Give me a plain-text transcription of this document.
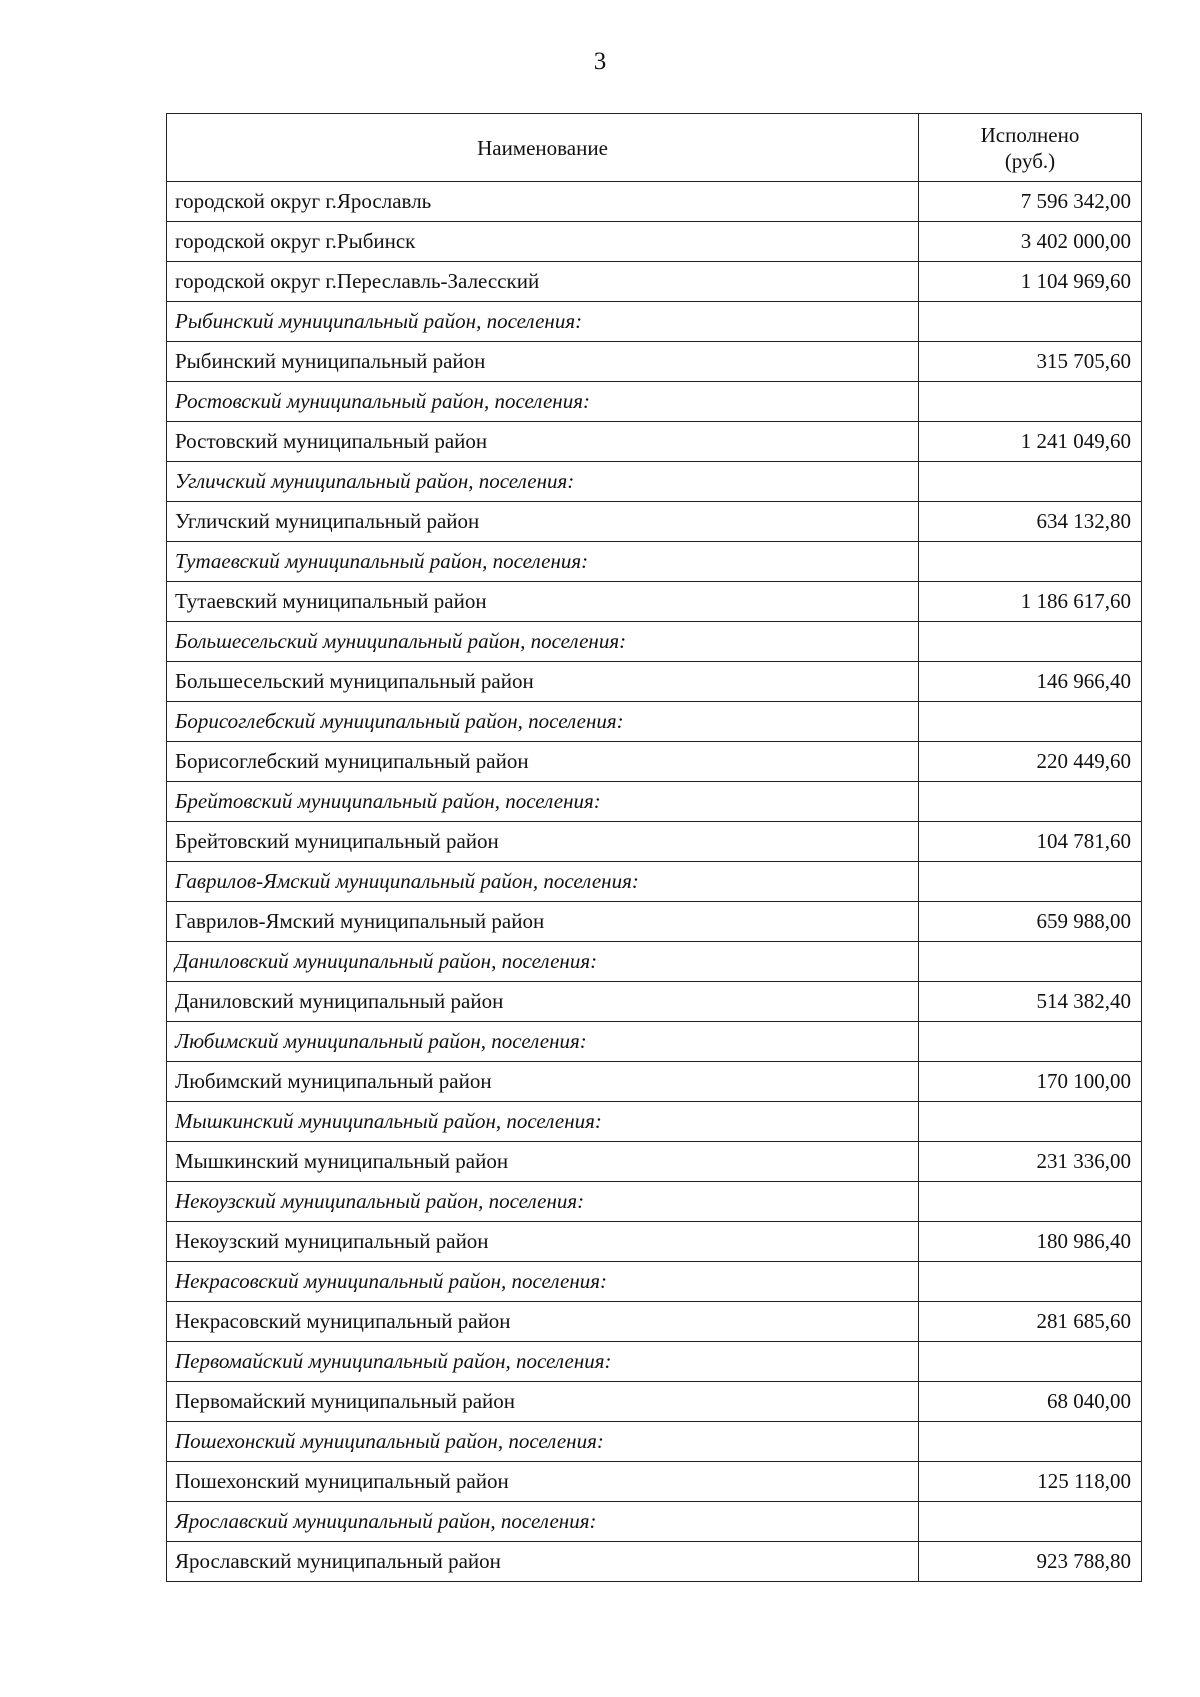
3
Наименование	Исполнено
(руб.)
городской округ г.Ярославль	7 596 342,00
городской округ г.Рыбинск	3 402 000,00
городской округ г.Переславль-Залесский	1 104 969,60
Рыбинский муниципальный район, поселения:	
Рыбинский муниципальный район	315 705,60
Ростовский муниципальный район, поселения:	
Ростовский муниципальный район	1 241 049,60
Угличский муниципальный район, поселения:	
Угличский муниципальный район	634 132,80
Тутаевский муниципальный район, поселения:	
Тутаевский муниципальный район	1 186 617,60
Большесельский муниципальный район, поселения:	
Большесельский муниципальный район	146 966,40
Борисоглебский муниципальный район, поселения:	
Борисоглебский муниципальный район	220 449,60
Брейтовский муниципальный район, поселения:	
Брейтовский муниципальный район	104 781,60
Гаврилов-Ямский муниципальный район, поселения:	
Гаврилов-Ямский муниципальный район	659 988,00
Даниловский муниципальный район, поселения:	
Даниловский муниципальный район	514 382,40
Любимский муниципальный район, поселения:	
Любимский муниципальный район	170 100,00
Мышкинский муниципальный район, поселения:	
Мышкинский муниципальный район	231 336,00
Некоузский муниципальный район, поселения:	
Некоузский муниципальный район	180 986,40
Некрасовский муниципальный район, поселения:	
Некрасовский муниципальный район	281 685,60
Первомайский муниципальный район, поселения:	
Первомайский муниципальный район	68 040,00
Пошехонский муниципальный район, поселения:	
Пошехонский муниципальный район	125 118,00
Ярославский муниципальный район, поселения:	
Ярославский муниципальный район	923 788,80
